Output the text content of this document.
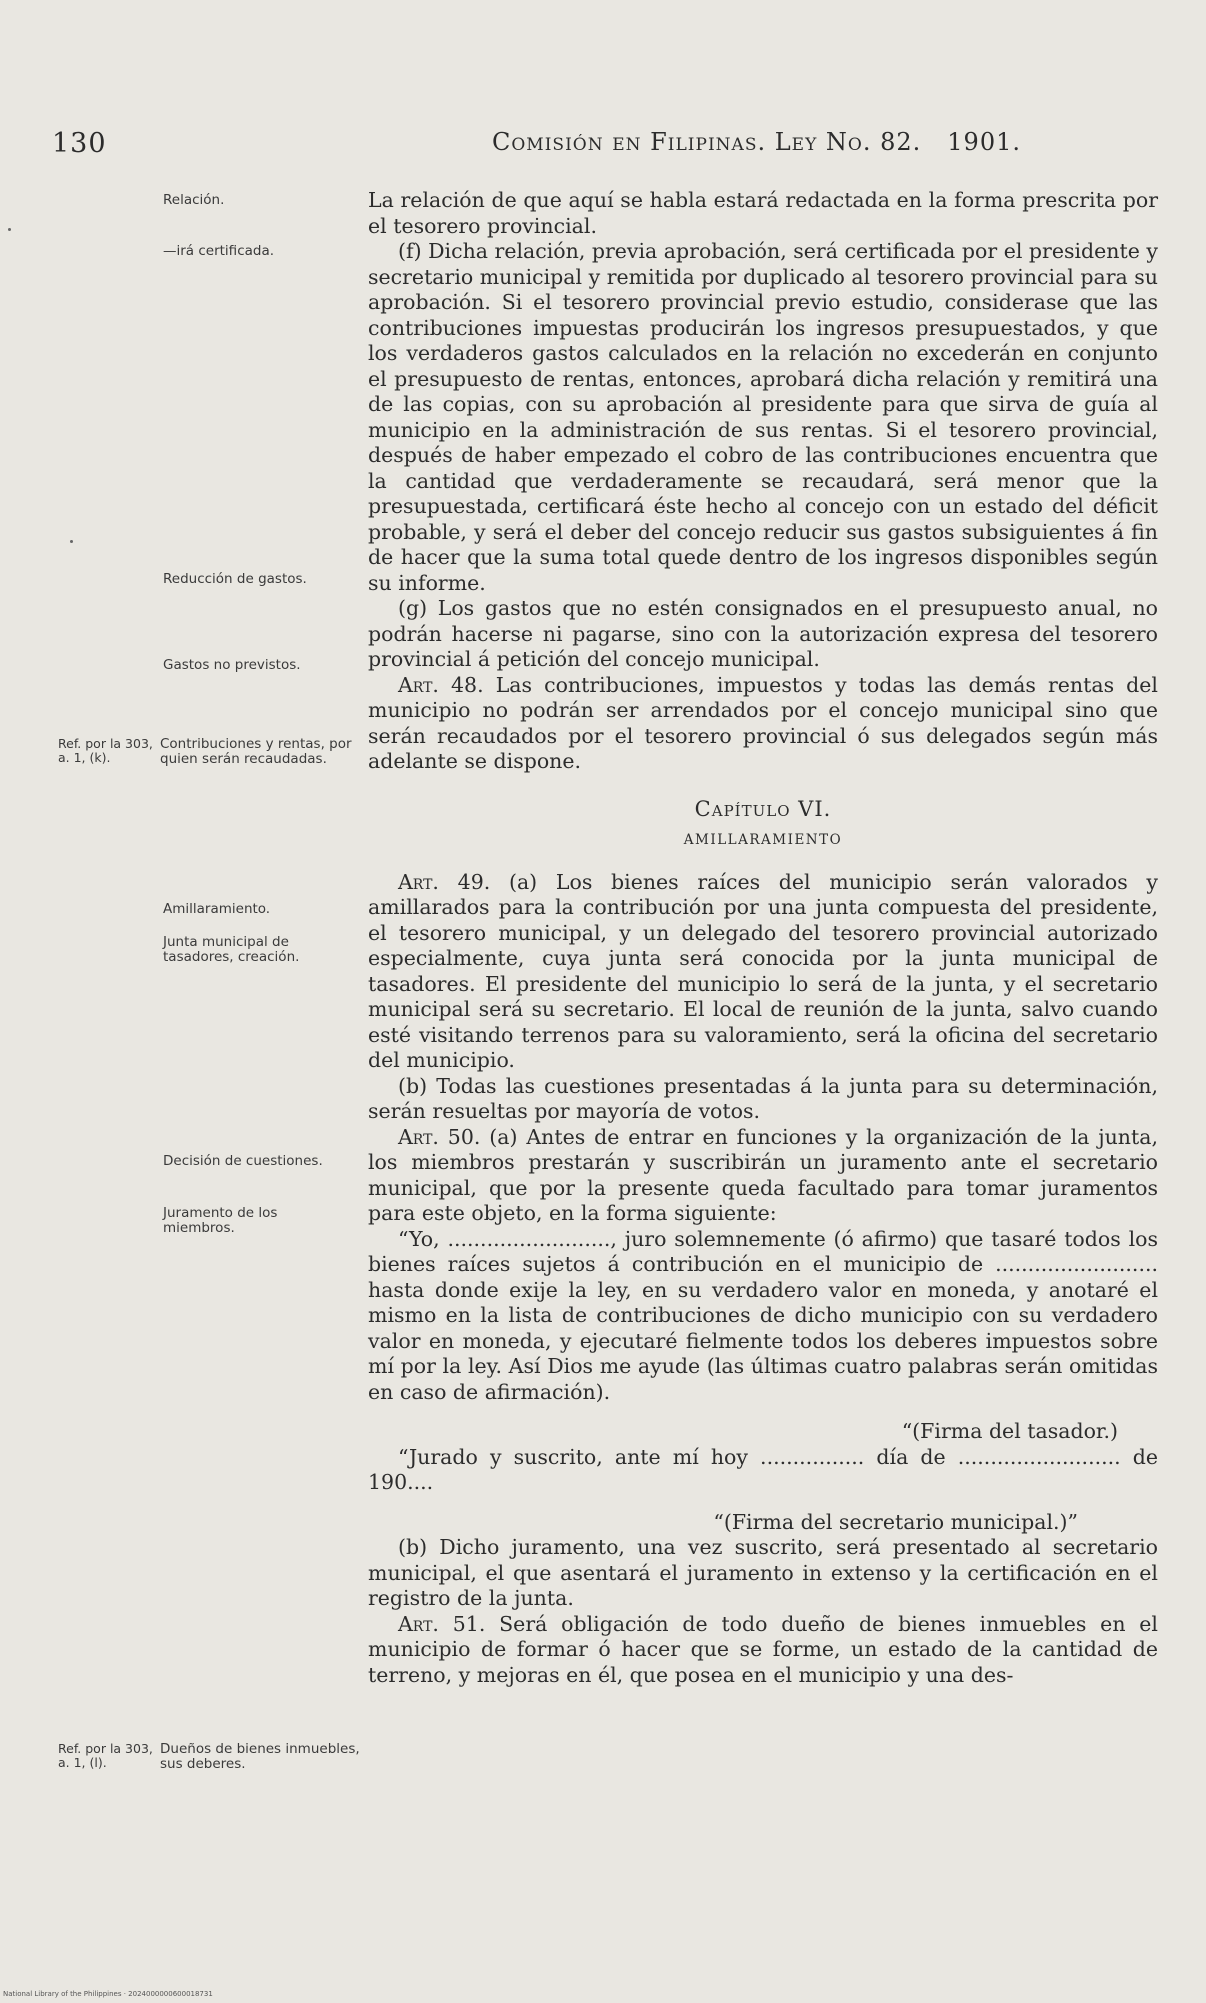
130	Comisión en Filipinas. Ley No. 82. 1901.
Relación.
—irá certificada.
Reducción de gastos.
Gastos no previstos.
Contribuciones y rentas, por quien serán recaudadas.
Ref. por la 303, a. 1, (k).
Amillaramiento.
Junta municipal de tasadores, creación.
Decisión de cuestiones.
Juramento de los miembros.
Dueños de bienes inmuebles, sus deberes.
Ref. por la 303, a. 1, (l).

La relación de que aquí se habla estará redactada en la forma prescrita por el tesorero provincial.

(f) Dicha relación, previa aprobación, será certificada por el presidente y secretario municipal y remitida por duplicado al tesorero provincial para su aprobación. Si el tesorero provincial previo estudio, considerase que las contribuciones impuestas producirán los ingresos presupuestados, y que los verdaderos gastos calculados en la relación no excederán en conjunto el presupuesto de rentas, entonces, aprobará dicha relación y remitirá una de las copias, con su aprobación al presidente para que sirva de guía al municipio en la administración de sus rentas. Si el tesorero provincial, después de haber empezado el cobro de las contribuciones encuentra que la cantidad que verdaderamente se recaudará, será menor que la presupuestada, certificará éste hecho al concejo con un estado del déficit probable, y será el deber del concejo reducir sus gastos subsiguientes á fin de hacer que la suma total quede dentro de los ingresos disponibles según su informe.

(g) Los gastos que no estén consignados en el presupuesto anual, no podrán hacerse ni pagarse, sino con la autorización expresa del tesorero provincial á petición del concejo municipal.

Art. 48. Las contribuciones, impuestos y todas las demás rentas del municipio no podrán ser arrendados por el concejo municipal sino que serán recaudados por el tesorero provincial ó sus delegados según más adelante se dispone.

Capítulo VI.
AMILLARAMIENTO

Art. 49. (a) Los bienes raíces del municipio serán valorados y amillarados para la contribución por una junta compuesta del presidente, el tesorero municipal, y un delegado del tesorero provincial autorizado especialmente, cuya junta será conocida por la junta municipal de tasadores. El presidente del municipio lo será de la junta, y el secretario municipal será su secretario. El local de reunión de la junta, salvo cuando esté visitando terrenos para su valoramiento, será la oficina del secretario del municipio.

(b) Todas las cuestiones presentadas á la junta para su determinación, serán resueltas por mayoría de votos.

Art. 50. (a) Antes de entrar en funciones y la organización de la junta, los miembros prestarán y suscribirán un juramento ante el secretario municipal, que por la presente queda facultado para tomar juramentos para este objeto, en la forma siguiente:

“Yo, ........................., juro solemnemente (ó afirmo) que tasaré todos los bienes raíces sujetos á contribución en el municipio de ......................... hasta donde exije la ley, en su verdadero valor en moneda, y anotaré el mismo en la lista de contribuciones de dicho municipio con su verdadero valor en moneda, y ejecutaré fielmente todos los deberes impuestos sobre mí por la ley. Así Dios me ayude (las últimas cuatro palabras serán omitidas en caso de afirmación).

“(Firma del tasador.)

“Jurado y suscrito, ante mí hoy ................ día de ......................... de 190....

“(Firma del secretario municipal.)”

(b) Dicho juramento, una vez suscrito, será presentado al secretario municipal, el que asentará el juramento in extenso y la certificación en el registro de la junta.

Art. 51. Será obligación de todo dueño de bienes inmuebles en el municipio de formar ó hacer que se forme, un estado de la cantidad de terreno, y mejoras en él, que posea en el municipio y una des-

National Library of the Philippines · 2024000000600018731
